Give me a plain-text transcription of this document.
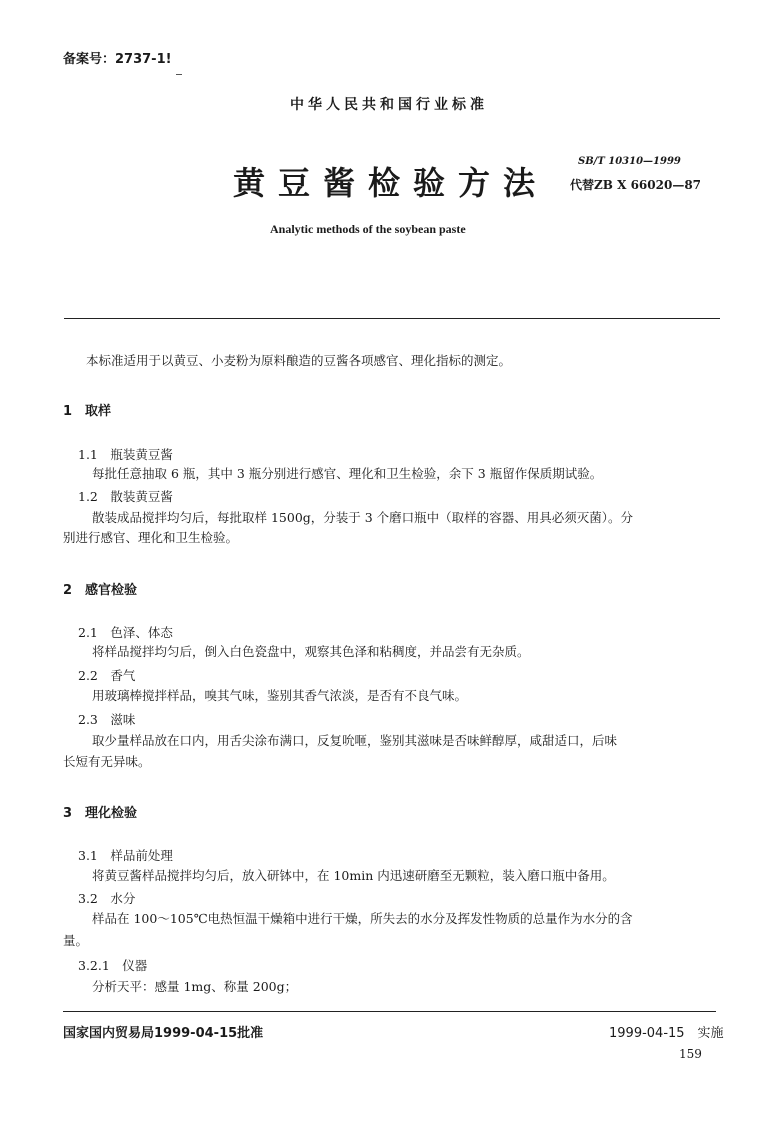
备案号：2737-1!
中华人民共和国行业标准
黄豆酱检验方法
SB/T 10310—1999
代替ZB X 66020—87
Analytic methods of the soybean paste
本标准适用于以黄豆、小麦粉为原料酿造的豆酱各项感官、理化指标的测定。
1　取样
1.1　瓶装黄豆酱
每批任意抽取 6 瓶，其中 3 瓶分别进行感官、理化和卫生检验，余下 3 瓶留作保质期试验。
1.2　散装黄豆酱
散装成品搅拌均匀后，每批取样 1500g，分装于 3 个磨口瓶中（取样的容器、用具必须灭菌）。分
别进行感官、理化和卫生检验。
2　感官检验
2.1　色泽、体态
将样品搅拌均匀后，倒入白色瓷盘中，观察其色泽和粘稠度，并品尝有无杂质。
2.2　香气
用玻璃棒搅拌样品，嗅其气味，鉴别其香气浓淡，是否有不良气味。
2.3　滋味
取少量样品放在口内，用舌尖涂布满口，反复吮咂，鉴别其滋味是否味鲜醇厚，咸甜适口，后味
长短有无异味。
3　理化检验
3.1　样品前处理
将黄豆酱样品搅拌均匀后，放入研钵中，在 10min 内迅速研磨至无颗粒，装入磨口瓶中备用。
3.2　水分
样品在 100～105℃电热恒温干燥箱中进行干燥，所失去的水分及挥发性物质的总量作为水分的含
量。
3.2.1　仪器
分析天平：感量 1mg、称量 200g；
国家国内贸易局1999-04-15批准	1999-04-15　实施
159
